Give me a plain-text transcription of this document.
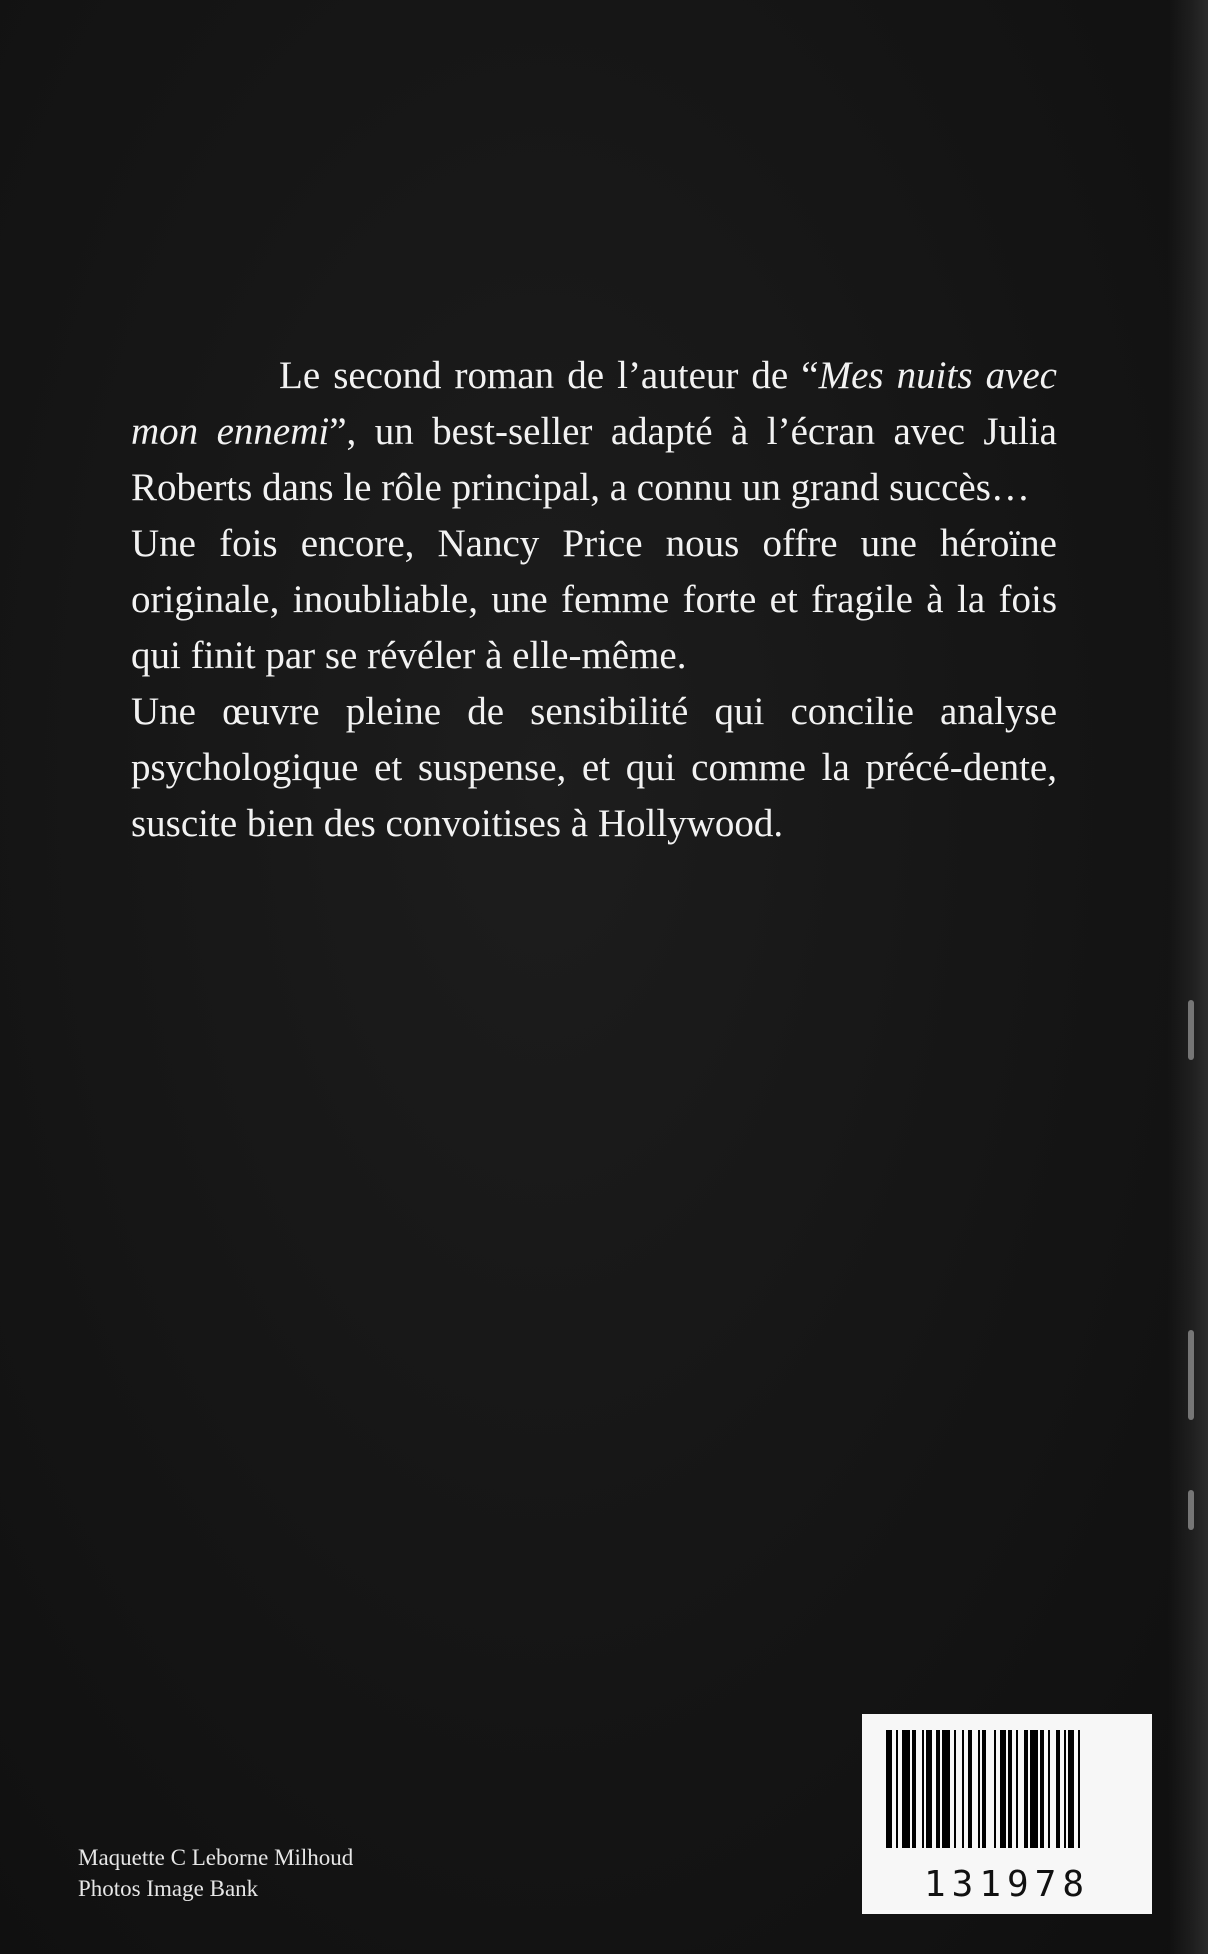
Le second roman de l’auteur de “Mes nuits avec mon ennemi”, un best-seller adapté à l’écran avec Julia Roberts dans le rôle principal, a connu un grand succès…

Une fois encore, Nancy Price nous offre une héroïne originale, inoubliable, une femme forte et fragile à la fois qui finit par se révéler à elle-même.

Une œuvre pleine de sensibilité qui concilie analyse psychologique et suspense, et qui comme la précé-dente, suscite bien des convoitises à Hollywood.

Maquette C Leborne Milhoud
Photos Image Bank	131978
